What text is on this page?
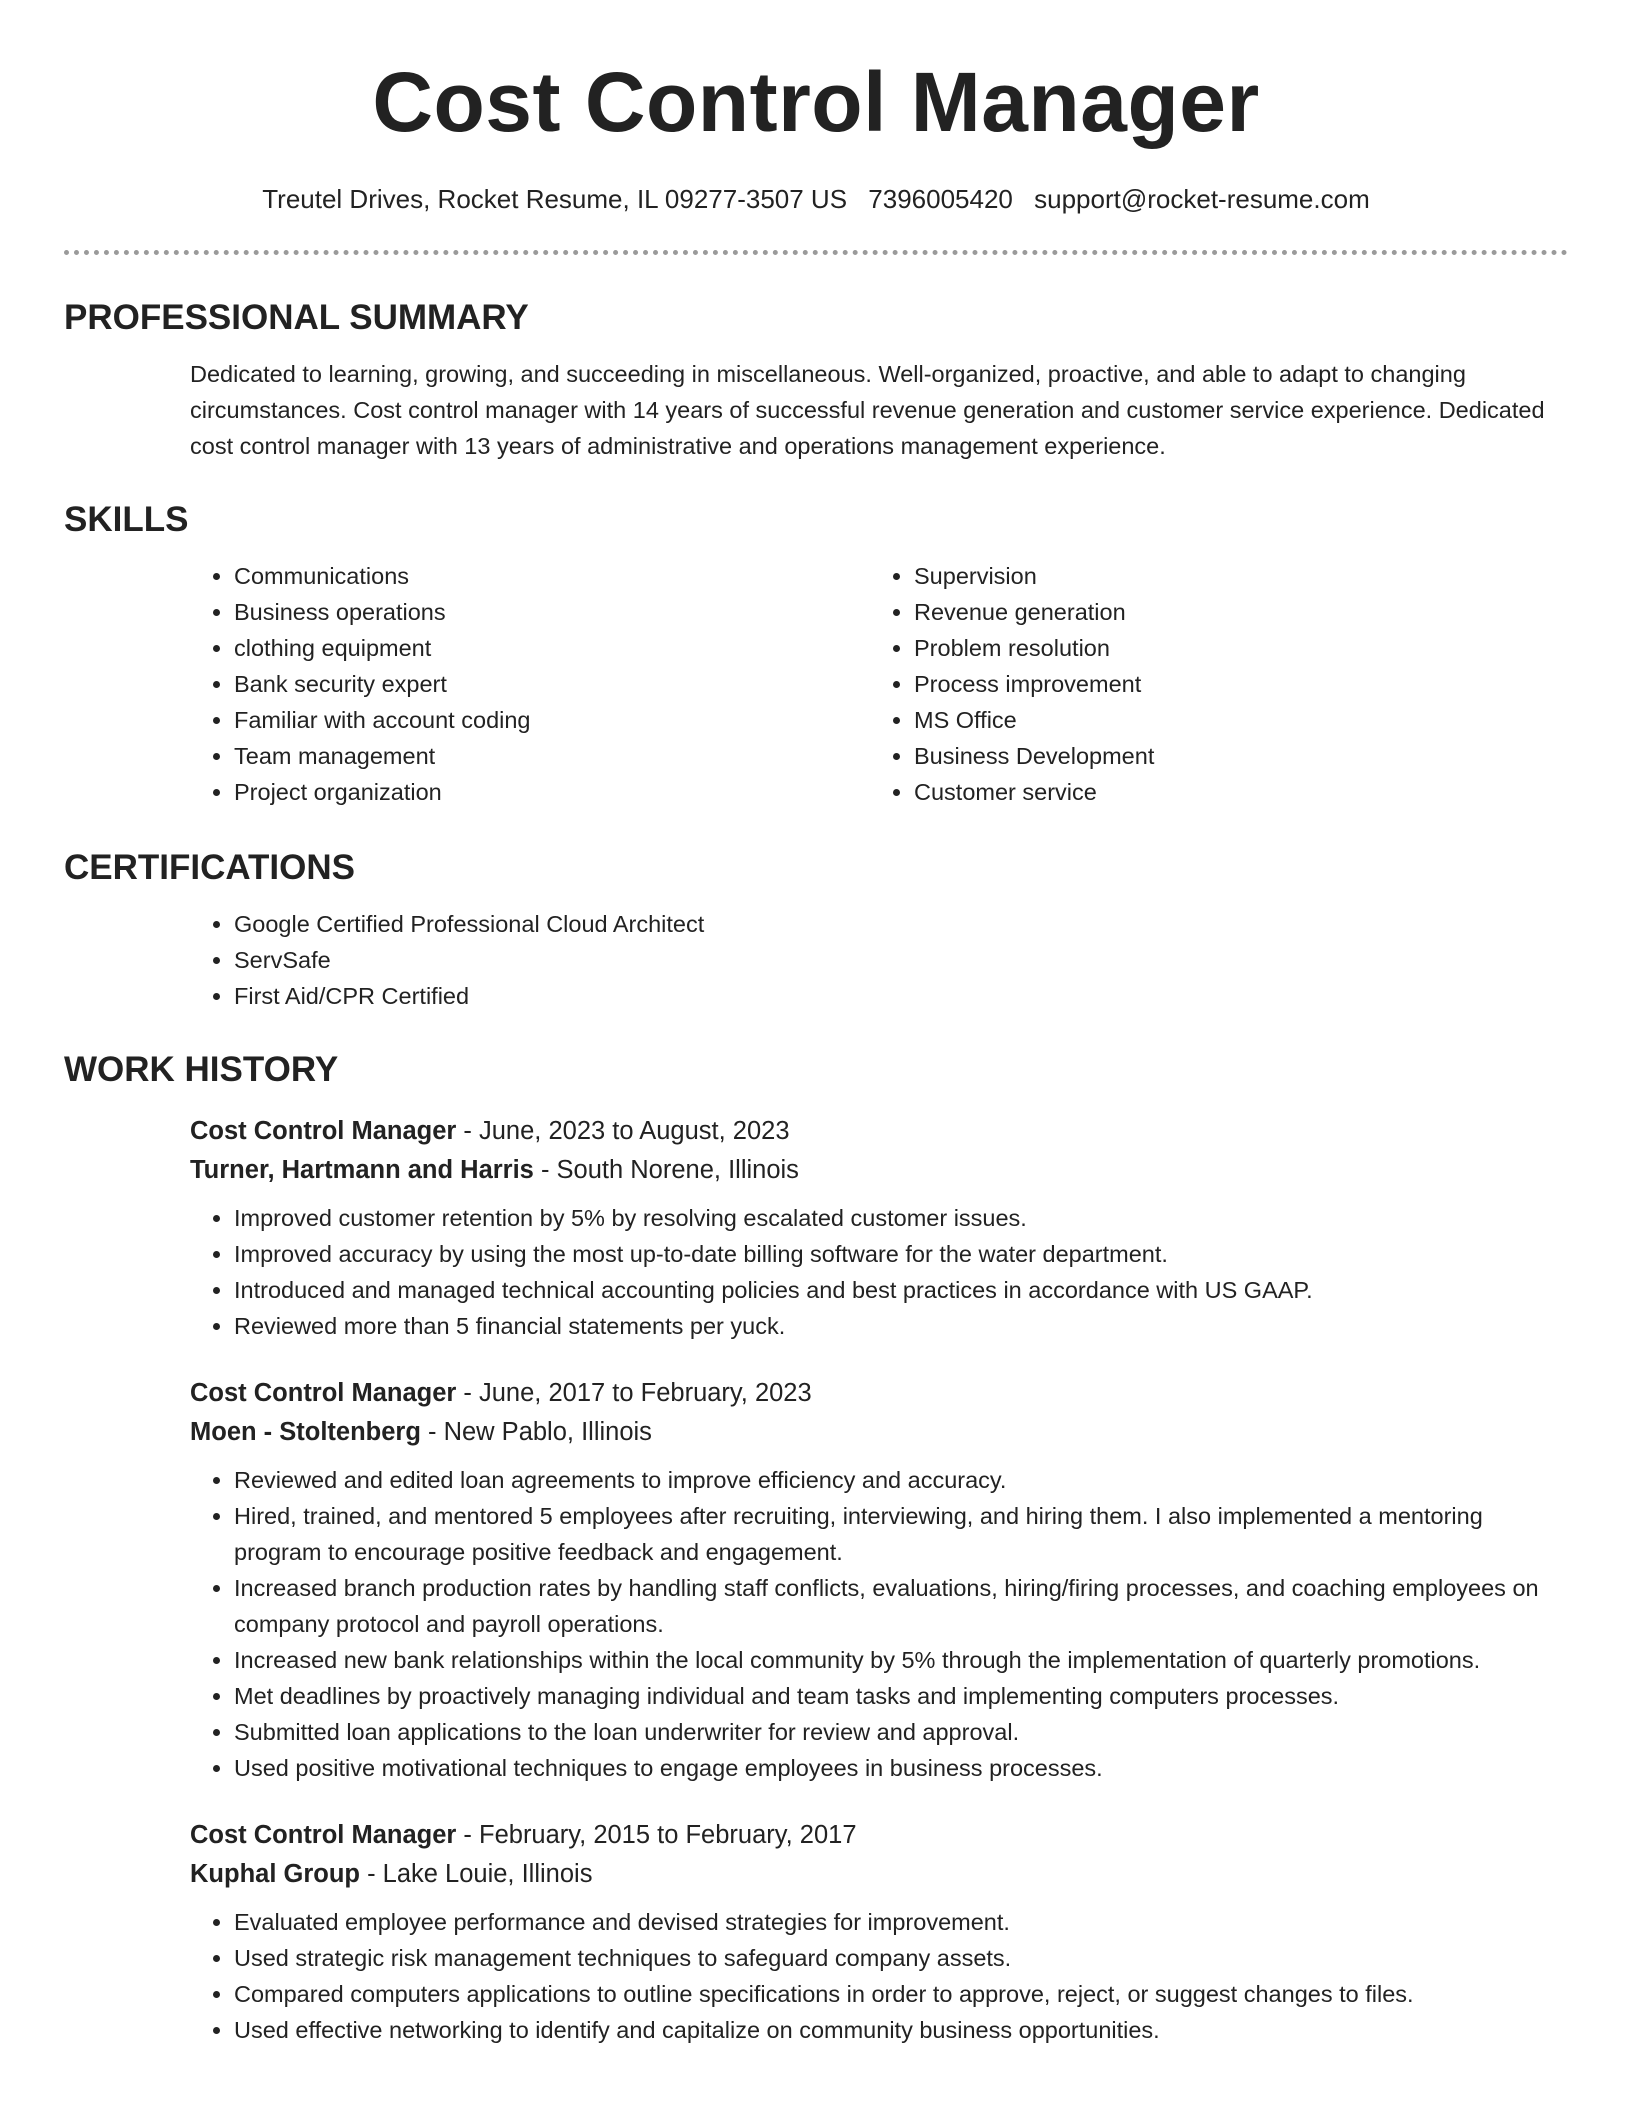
Cost Control Manager
Treutel Drives, Rocket Resume, IL 09277-3507 US 7396005420 support@rocket-resume.com
PROFESSIONAL SUMMARY
Dedicated to learning, growing, and succeeding in miscellaneous. Well-organized, proactive, and able to adapt to changing circumstances. Cost control manager with 14 years of successful revenue generation and customer service experience. Dedicated cost control manager with 13 years of administrative and operations management experience.
SKILLS
• Communications
• Business operations
• clothing equipment
• Bank security expert
• Familiar with account coding
• Team management
• Project organization
• Supervision
• Revenue generation
• Problem resolution
• Process improvement
• MS Office
• Business Development
• Customer service
CERTIFICATIONS
• Google Certified Professional Cloud Architect
• ServSafe
• First Aid/CPR Certified
WORK HISTORY
Cost Control Manager - June, 2023 to August, 2023
Turner, Hartmann and Harris - South Norene, Illinois
• Improved customer retention by 5% by resolving escalated customer issues.
• Improved accuracy by using the most up-to-date billing software for the water department.
• Introduced and managed technical accounting policies and best practices in accordance with US GAAP.
• Reviewed more than 5 financial statements per yuck.
Cost Control Manager - June, 2017 to February, 2023
Moen - Stoltenberg - New Pablo, Illinois
• Reviewed and edited loan agreements to improve efficiency and accuracy.
• Hired, trained, and mentored 5 employees after recruiting, interviewing, and hiring them. I also implemented a mentoring program to encourage positive feedback and engagement.
• Increased branch production rates by handling staff conflicts, evaluations, hiring/firing processes, and coaching employees on company protocol and payroll operations.
• Increased new bank relationships within the local community by 5% through the implementation of quarterly promotions.
• Met deadlines by proactively managing individual and team tasks and implementing computers processes.
• Submitted loan applications to the loan underwriter for review and approval.
• Used positive motivational techniques to engage employees in business processes.
Cost Control Manager - February, 2015 to February, 2017
Kuphal Group - Lake Louie, Illinois
• Evaluated employee performance and devised strategies for improvement.
• Used strategic risk management techniques to safeguard company assets.
• Compared computers applications to outline specifications in order to approve, reject, or suggest changes to files.
• Used effective networking to identify and capitalize on community business opportunities.
